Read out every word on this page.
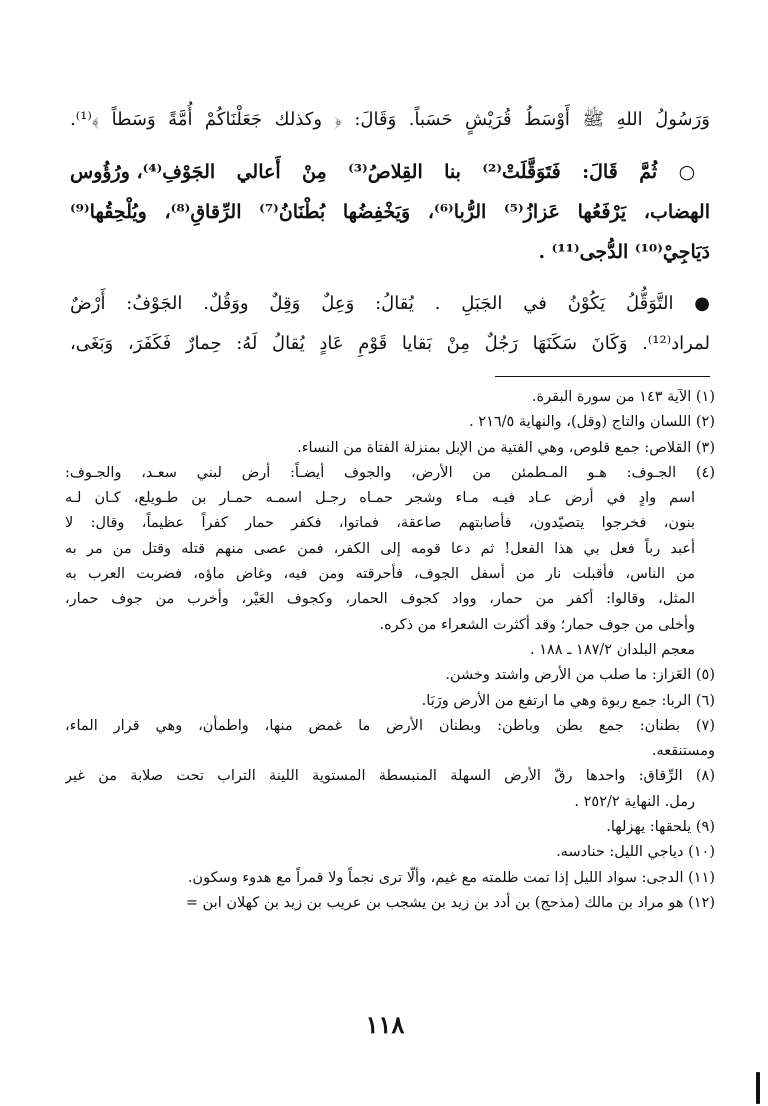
وَرَسُولُ اللهِ ﷺ أَوْسَطُ قُرَيْشٍ حَسَباً. وَقَالَ: ﴿ وكذلك جَعَلْنَاكُمْ أُمَّةً وَسَطاً ﴾⁽¹⁾.
○ ثُمَّ قَالَ: فَتَوَقَّلَتْ⁽²⁾ بنا القِلاصُ⁽³⁾ مِنْ أَعالي الجَوْفِ⁽⁴⁾، ورُؤُوس
الهضاب، يَرْفَعُها عَزازُ⁽⁵⁾ الرُّبا⁽⁶⁾، وَيَخْفِضُها بُطْنَانُ⁽⁷⁾ الرِّقاقِ⁽⁸⁾، ويُلْحِقُها⁽⁹⁾
دَيَاجِيْ⁽¹⁰⁾ الدُّجى⁽¹¹⁾ .
● التَّوَقُّلُ يَكُوْنُ في الجَبَلِ . يُقالُ: وَعِلٌ وَقِلٌ ووَقُلٌ. الجَوْفُ: أَرْضٌ
لمراد⁽¹²⁾. وَكَانَ سَكَنَهَا رَجُلٌ مِنْ بَقايا قَوْمِ عَادٍ يُقالُ لَهُ: حِمارٌ فَكَفَرَ، وَبَغَى،
(١) الآية ١٤٣ من سورة البقرة.
(٢) اللسان والتاج (وقل)، والنهاية ٢١٦/٥ .
(٣) القلاص: جمع قلوص، وهي الفتية من الإبل بمنزلة الفتاة من النساء.
(٤) الجـوف: هـو المـطمئن من الأرض، والجوف أيضـاً: أرض لبني سعـد، والجـوف:
اسم وادٍ في أرض عـاد فيـه مـاء وشجر حمـاه رجـل اسمـه حمـار بن طـويلع، كـان لـه
بنون، فخرجوا يتصيّدون، فأصابتهم صاعقة، فماتوا، فكفر حمار كفراً عظيماً، وقال: لا
أعبد رباً فعل بي هذا الفعل! ثم دعا قومه إلى الكفر، فمن عصى منهم قتله وقتل من مر به
من الناس، فأقبلت نار من أسفل الجوف، فأحرقته ومن فيه، وغاض ماؤه، فضربت العرب به
المثل، وقالوا: أكفر من حمار، وواد كجوف الحمار، وكجوف العَيْر، وأخرب من جوف حمار،
وأخلى من جوف حمار؛ وقد أكثرت الشعراء من ذكره.
معجم البلدان ١٨٧/٢ ـ ١٨٨ .
(٥) العَزاز: ما صلب من الأرض واشتد وخشن.
(٦) الربا: جمع ربوة وهي ما ارتفع من الأرض ورَبَا.
(٧) بطنان: جمع بطن وباطن: وبطنان الأرض ما غمض منها، واطمأن، وهي قرار الماء،
ومستنقعه.
(٨) الرِّقاق: واحدها رقّ الأرض السهلة المنبسطة المستوية اللينة التراب تحت صلابة من غير
رمل. النهاية ٢٥٢/٢ .
(٩) يلحقها: يهزلها.
(١٠) دياجي الليل: حنادسه.
(١١) الدجى: سواد الليل إذا تمت ظلمته مع غيم، وألَّا ترى نجماً ولا قمراً مع هدوء وسكون.
(١٢) هو مراد بن مالك (مذحج) بن أدد بن زيد بن يشجب بن عريب بن زيد بن كهلان ابن =
١١٨
